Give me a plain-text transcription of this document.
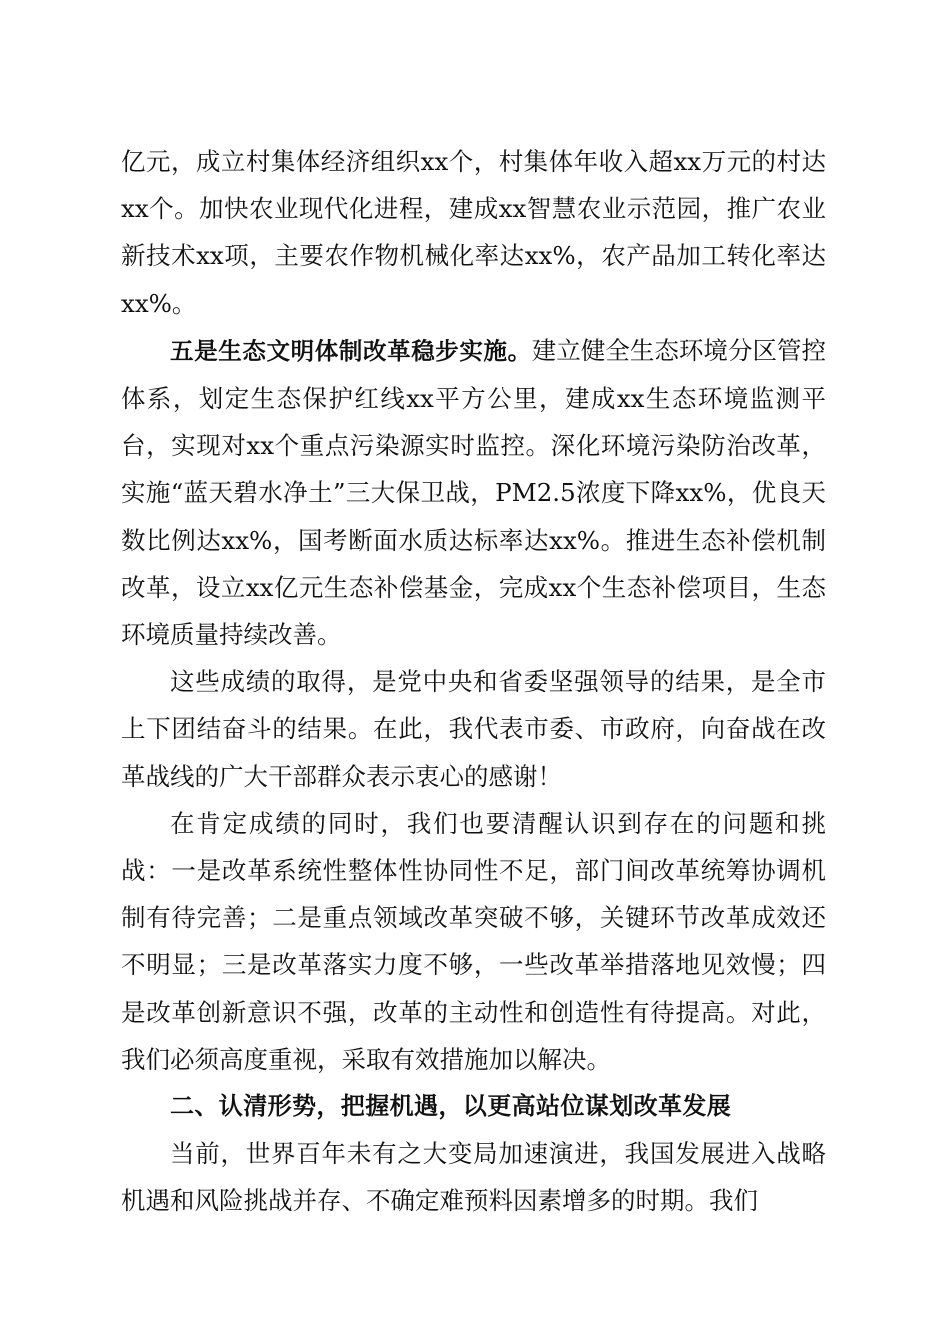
亿元，成立村集体经济组织xx个，村集体年收入超xx万元的村达xx个。加快农业现代化进程，建成xx智慧农业示范园，推广农业新技术xx项，主要农作物机械化率达xx%，农产品加工转化率达xx%。

五是生态文明体制改革稳步实施。建立健全生态环境分区管控体系，划定生态保护红线xx平方公里，建成xx生态环境监测平台，实现对xx个重点污染源实时监控。深化环境污染防治改革，实施“蓝天碧水净土”三大保卫战，PM2.5浓度下降xx%，优良天数比例达xx%，国考断面水质达标率达xx%。推进生态补偿机制改革，设立xx亿元生态补偿基金，完成xx个生态补偿项目，生态环境质量持续改善。

这些成绩的取得，是党中央和省委坚强领导的结果，是全市上下团结奋斗的结果。在此，我代表市委、市政府，向奋战在改革战线的广大干部群众表示衷心的感谢！

在肯定成绩的同时，我们也要清醒认识到存在的问题和挑战：一是改革系统性整体性协同性不足，部门间改革统筹协调机制有待完善；二是重点领域改革突破不够，关键环节改革成效还不明显；三是改革落实力度不够，一些改革举措落地见效慢；四是改革创新意识不强，改革的主动性和创造性有待提高。对此，我们必须高度重视，采取有效措施加以解决。

二、认清形势，把握机遇，以更高站位谋划改革发展

当前，世界百年未有之大变局加速演进，我国发展进入战略机遇和风险挑战并存、不确定难预料因素增多的时期。我们
